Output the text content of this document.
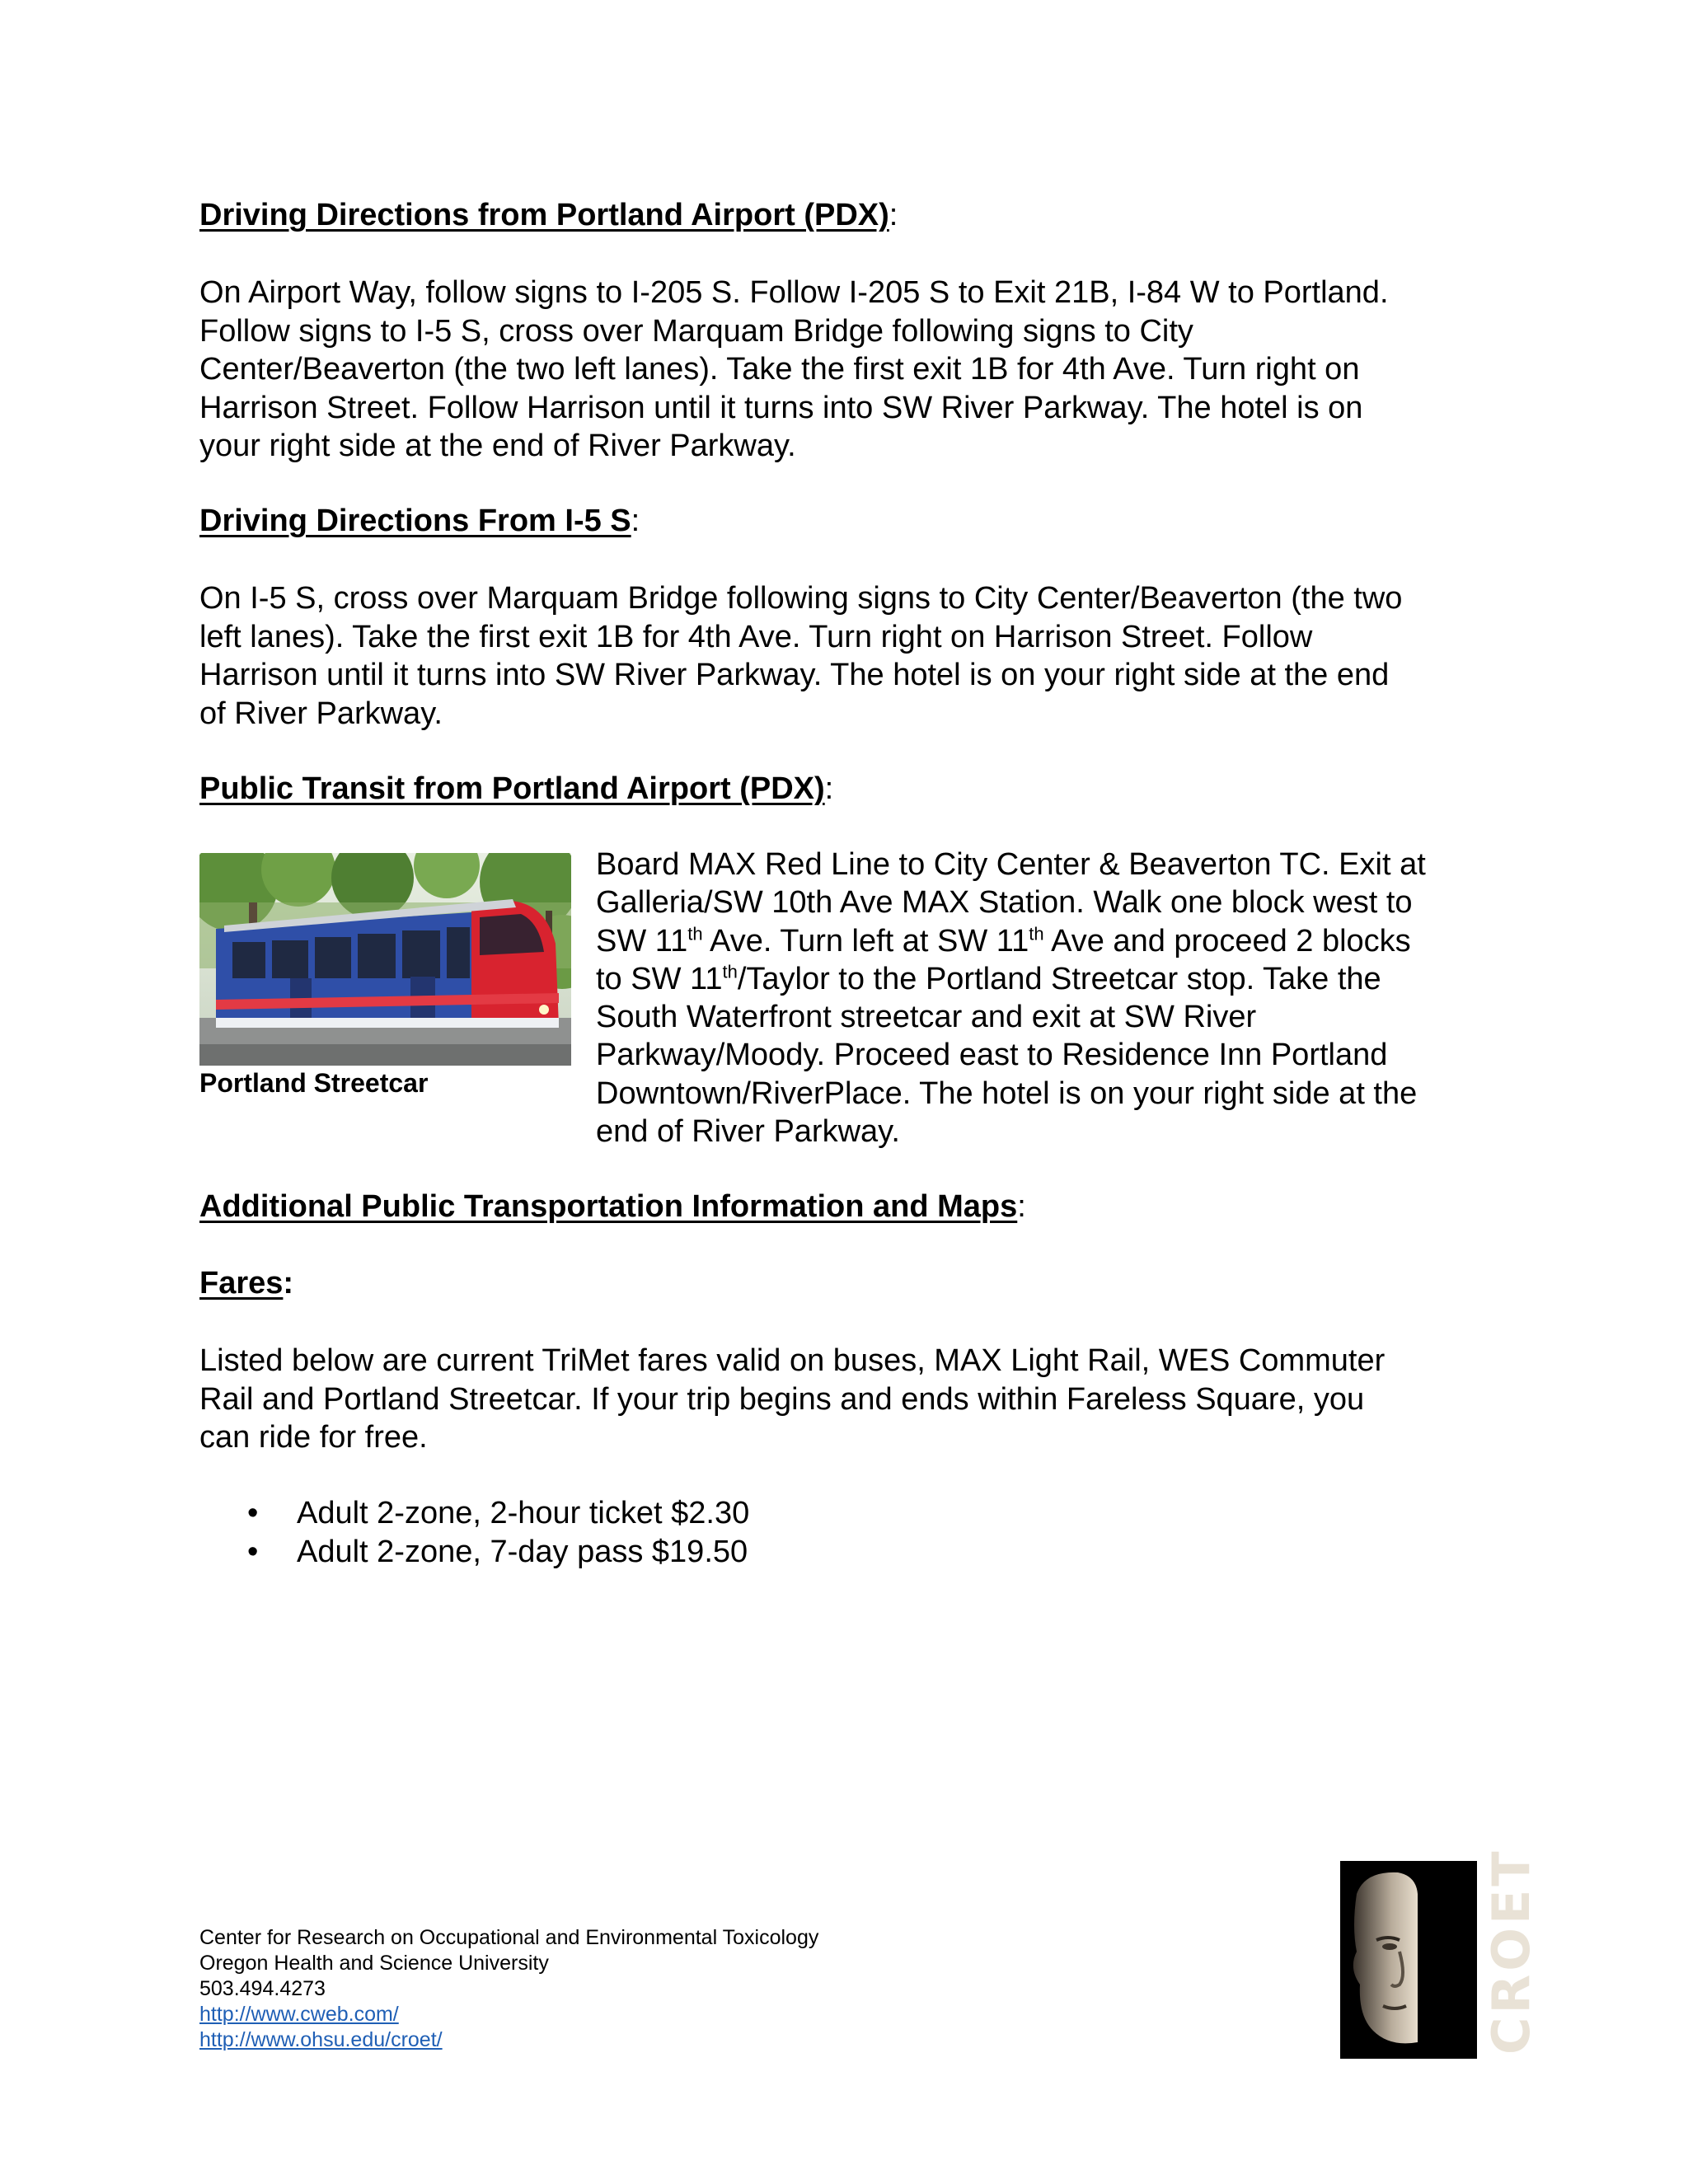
Driving Directions from Portland Airport (PDX):
On Airport Way, follow signs to I-205 S. Follow I-205 S to Exit 21B, I-84 W to Portland.
Follow signs to I-5 S, cross over Marquam Bridge following signs to City
Center/Beaverton (the two left lanes). Take the first exit 1B for 4th Ave. Turn right on
Harrison Street. Follow Harrison until it turns into SW River Parkway. The hotel is on
your right side at the end of River Parkway.
Driving Directions From I-5 S:
On I-5 S, cross over Marquam Bridge following signs to City Center/Beaverton (the two
left lanes). Take the first exit 1B for 4th Ave. Turn right on Harrison Street. Follow
Harrison until it turns into SW River Parkway. The hotel is on your right side at the end
of River Parkway.
Public Transit from Portland Airport (PDX):

Portland Streetcar

Board MAX Red Line to City Center & Beaverton TC. Exit at
Galleria/SW 10th Ave MAX Station. Walk one block west to
SW 11th Ave. Turn left at SW 11th Ave and proceed 2 blocks
to SW 11th/Taylor to the Portland Streetcar stop. Take the
South Waterfront streetcar and exit at SW River
Parkway/Moody. Proceed east to Residence Inn Portland
Downtown/RiverPlace. The hotel is on your right side at the
end of River Parkway.
Additional Public Transportation Information and Maps:
Fares:
Listed below are current TriMet fares valid on buses, MAX Light Rail, WES Commuter
Rail and Portland Streetcar. If your trip begins and ends within Fareless Square, you
can ride for free.
• Adult 2-zone, 2-hour ticket $2.30
• Adult 2-zone, 7-day pass $19.50
Center for Research on Occupational and Environmental Toxicology
Oregon Health and Science University
503.494.4273
http://www.cweb.com/
http://www.ohsu.edu/croet/	CROET
